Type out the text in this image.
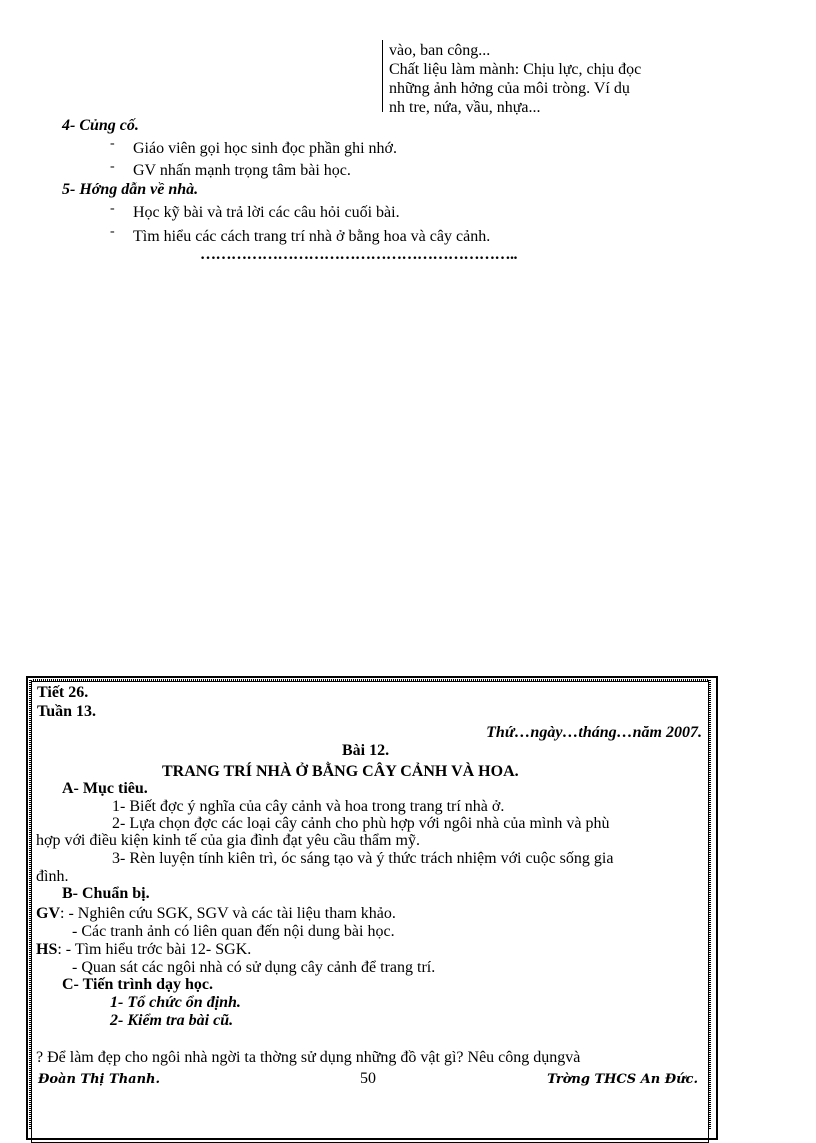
vào, ban công...
Chất liệu làm mành: Chịu lực, chịu đọc
những ảnh hởng của môi tròng. Ví dụ
nh tre, nứa, vầu, nhựa...
4- Củng cố.
- Giáo viên gọi học sinh đọc phần ghi nhớ.
- GV nhấn mạnh trọng tâm bài học.
5- Hớng dẫn về nhà.
- Học kỹ bài và trả lời các câu hỏi cuối bài.
- Tìm hiểu các cách trang trí nhà ở bằng hoa và cây cảnh.
……………………………………………………..
Tiết 26.
Tuần 13.
Thứ…ngày…tháng…năm 2007.
Bài 12.
TRANG TRÍ NHÀ Ở BẰNG CÂY CẢNH VÀ HOA.
A- Mục tiêu.
1- Biết đợc ý nghĩa của cây cảnh và hoa trong trang trí nhà ở.
2- Lựa chọn đợc các loại cây cảnh cho phù hợp với ngôi nhà của mình và phù
hợp với điều kiện kinh tế của gia đình đạt yêu cầu thẩm mỹ.
3- Rèn luyện tính kiên trì, óc sáng tạo và ý thức trách nhiệm với cuộc sống gia
đình.
B- Chuẩn bị.
GV: - Nghiên cứu SGK, SGV và các tài liệu tham khảo.
- Các tranh ảnh có liên quan đến nội dung bài học.
HS: - Tìm hiểu trớc bài 12- SGK.
- Quan sát các ngôi nhà có sử dụng cây cảnh để trang trí.
C- Tiến trình dạy học.
1- Tổ chức ổn định.
2- Kiểm tra bài cũ.
? Để làm đẹp cho ngôi nhà ngời ta thờng sử dụng những đồ vật gì? Nêu công dụngvà
Đoàn Thị Thanh.	50	Trờng THCS An Đức.
